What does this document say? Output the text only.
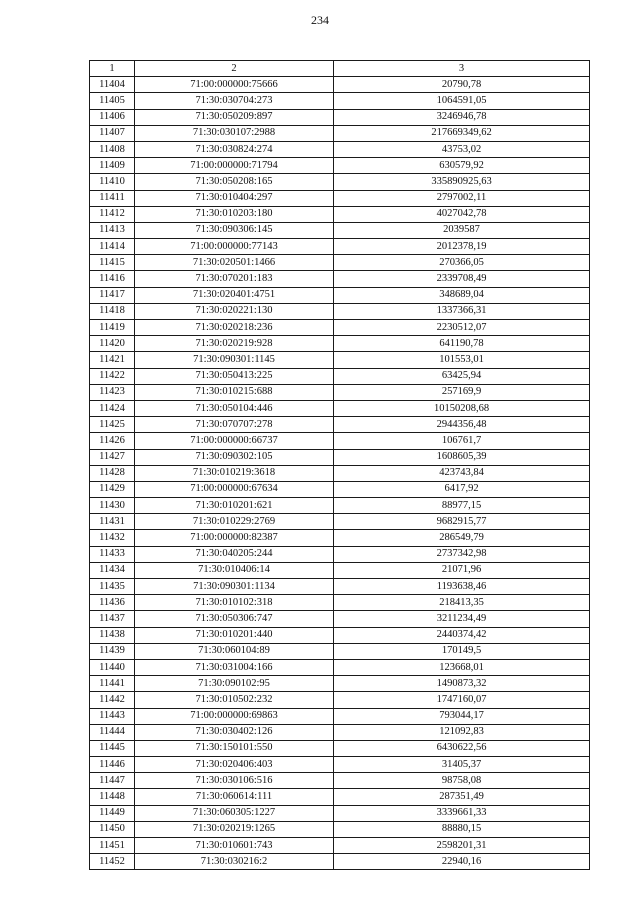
234
1	2	3
11404	71:00:000000:75666	20790,78
11405	71:30:030704:273	1064591,05
11406	71:30:050209:897	3246946,78
11407	71:30:030107:2988	217669349,62
11408	71:30:030824:274	43753,02
11409	71:00:000000:71794	630579,92
11410	71:30:050208:165	335890925,63
11411	71:30:010404:297	2797002,11
11412	71:30:010203:180	4027042,78
11413	71:30:090306:145	2039587
11414	71:00:000000:77143	2012378,19
11415	71:30:020501:1466	270366,05
11416	71:30:070201:183	2339708,49
11417	71:30:020401:4751	348689,04
11418	71:30:020221:130	1337366,31
11419	71:30:020218:236	2230512,07
11420	71:30:020219:928	641190,78
11421	71:30:090301:1145	101553,01
11422	71:30:050413:225	63425,94
11423	71:30:010215:688	257169,9
11424	71:30:050104:446	10150208,68
11425	71:30:070707:278	2944356,48
11426	71:00:000000:66737	106761,7
11427	71:30:090302:105	1608605,39
11428	71:30:010219:3618	423743,84
11429	71:00:000000:67634	6417,92
11430	71:30:010201:621	88977,15
11431	71:30:010229:2769	9682915,77
11432	71:00:000000:82387	286549,79
11433	71:30:040205:244	2737342,98
11434	71:30:010406:14	21071,96
11435	71:30:090301:1134	1193638,46
11436	71:30:010102:318	218413,35
11437	71:30:050306:747	3211234,49
11438	71:30:010201:440	2440374,42
11439	71:30:060104:89	170149,5
11440	71:30:031004:166	123668,01
11441	71:30:090102:95	1490873,32
11442	71:30:010502:232	1747160,07
11443	71:00:000000:69863	793044,17
11444	71:30:030402:126	121092,83
11445	71:30:150101:550	6430622,56
11446	71:30:020406:403	31405,37
11447	71:30:030106:516	98758,08
11448	71:30:060614:111	287351,49
11449	71:30:060305:1227	3339661,33
11450	71:30:020219:1265	88880,15
11451	71:30:010601:743	2598201,31
11452	71:30:030216:2	22940,16
